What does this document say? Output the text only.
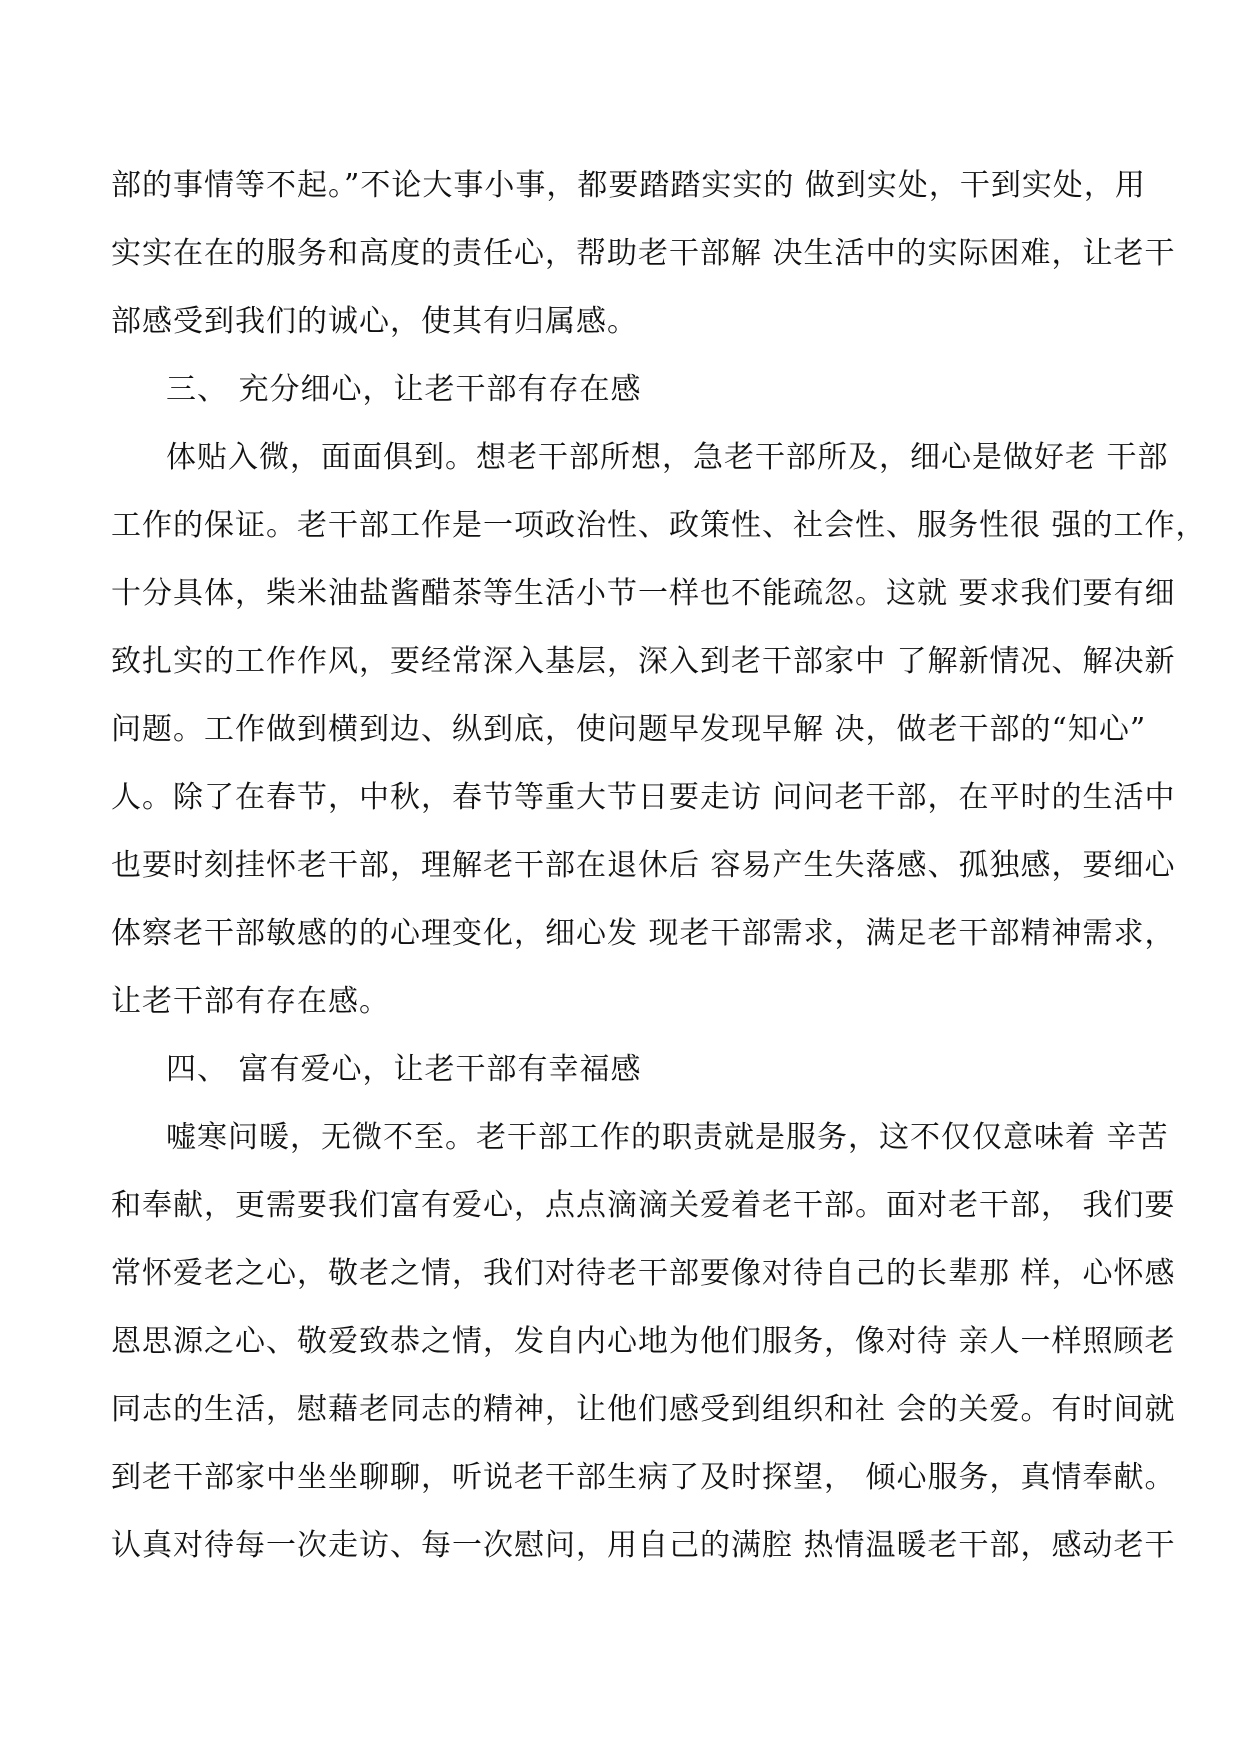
部的事情等不起。”不论大事小事，都要踏踏实实的 做到实处，干到实处，用
实实在在的服务和高度的责任心，帮助老干部解 决生活中的实际困难，让老干
部感受到我们的诚心，使其有归属感。
三、 充分细心，让老干部有存在感
体贴入微，面面俱到。想老干部所想，急老干部所及，细心是做好老 干部
工作的保证。老干部工作是一项政治性、政策性、社会性、服务性很 强的工作，
十分具体，柴米油盐酱醋茶等生活小节一样也不能疏忽。这就 要求我们要有细
致扎实的工作作风，要经常深入基层，深入到老干部家中 了解新情况、解决新
问题。工作做到横到边、纵到底，使问题早发现早解 决，做老干部的“知心”
人。除了在春节，中秋，春节等重大节日要走访 问问老干部，在平时的生活中
也要时刻挂怀老干部，理解老干部在退休后 容易产生失落感、孤独感，要细心
体察老干部敏感的的心理变化，细心发 现老干部需求，满足老干部精神需求，
让老干部有存在感。
四、 富有爱心，让老干部有幸福感
嘘寒问暖，无微不至。老干部工作的职责就是服务，这不仅仅意味着 辛苦
和奉献，更需要我们富有爱心，点点滴滴关爱着老干部。面对老干部， 我们要
常怀爱老之心，敬老之情，我们对待老干部要像对待自己的长辈那 样，心怀感
恩思源之心、敬爱致恭之情，发自内心地为他们服务，像对待 亲人一样照顾老
同志的生活，慰藉老同志的精神，让他们感受到组织和社 会的关爱。有时间就
到老干部家中坐坐聊聊，听说老干部生病了及时探望， 倾心服务，真情奉献。
认真对待每一次走访、每一次慰问，用自己的满腔 热情温暖老干部，感动老干
